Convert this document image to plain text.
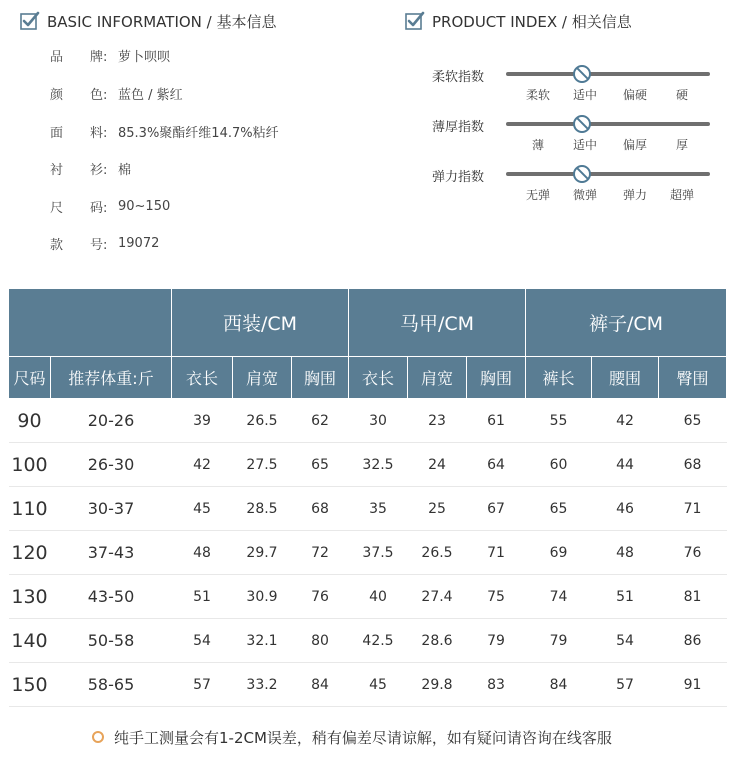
BASIC INFORMATION / 基本信息
品	牌: 萝卜呗呗
颜	色: 蓝色 / 紫红
面	料: 85.3%聚酯纤维14.7%粘纤
衬	衫: 棉
尺	码: 90~150
款	号: 19072
PRODUCT INDEX / 相关信息
柔软指数
柔软	适中	偏硬	硬
薄厚指数
薄	适中	偏厚	厚
弹力指数
无弹	微弹	弹力	超弹
		西装/CM			马甲/CM			裤子/CM		
尺码	推荐体重:斤	衣长	肩宽	胸围	衣长	肩宽	胸围	裤长	腰围	臀围
90	20-26	39	26.5	62	30	23	61	55	42	65
100	26-30	42	27.5	65	32.5	24	64	60	44	68
110	30-37	45	28.5	68	35	25	67	65	46	71
120	37-43	48	29.7	72	37.5	26.5	71	69	48	76
130	43-50	51	30.9	76	40	27.4	75	74	51	81
140	50-58	54	32.1	80	42.5	28.6	79	79	54	86
150	58-65	57	33.2	84	45	29.8	83	84	57	91
纯手工测量会有1-2CM误差，稍有偏差尽请谅解，如有疑问请咨询在线客服
